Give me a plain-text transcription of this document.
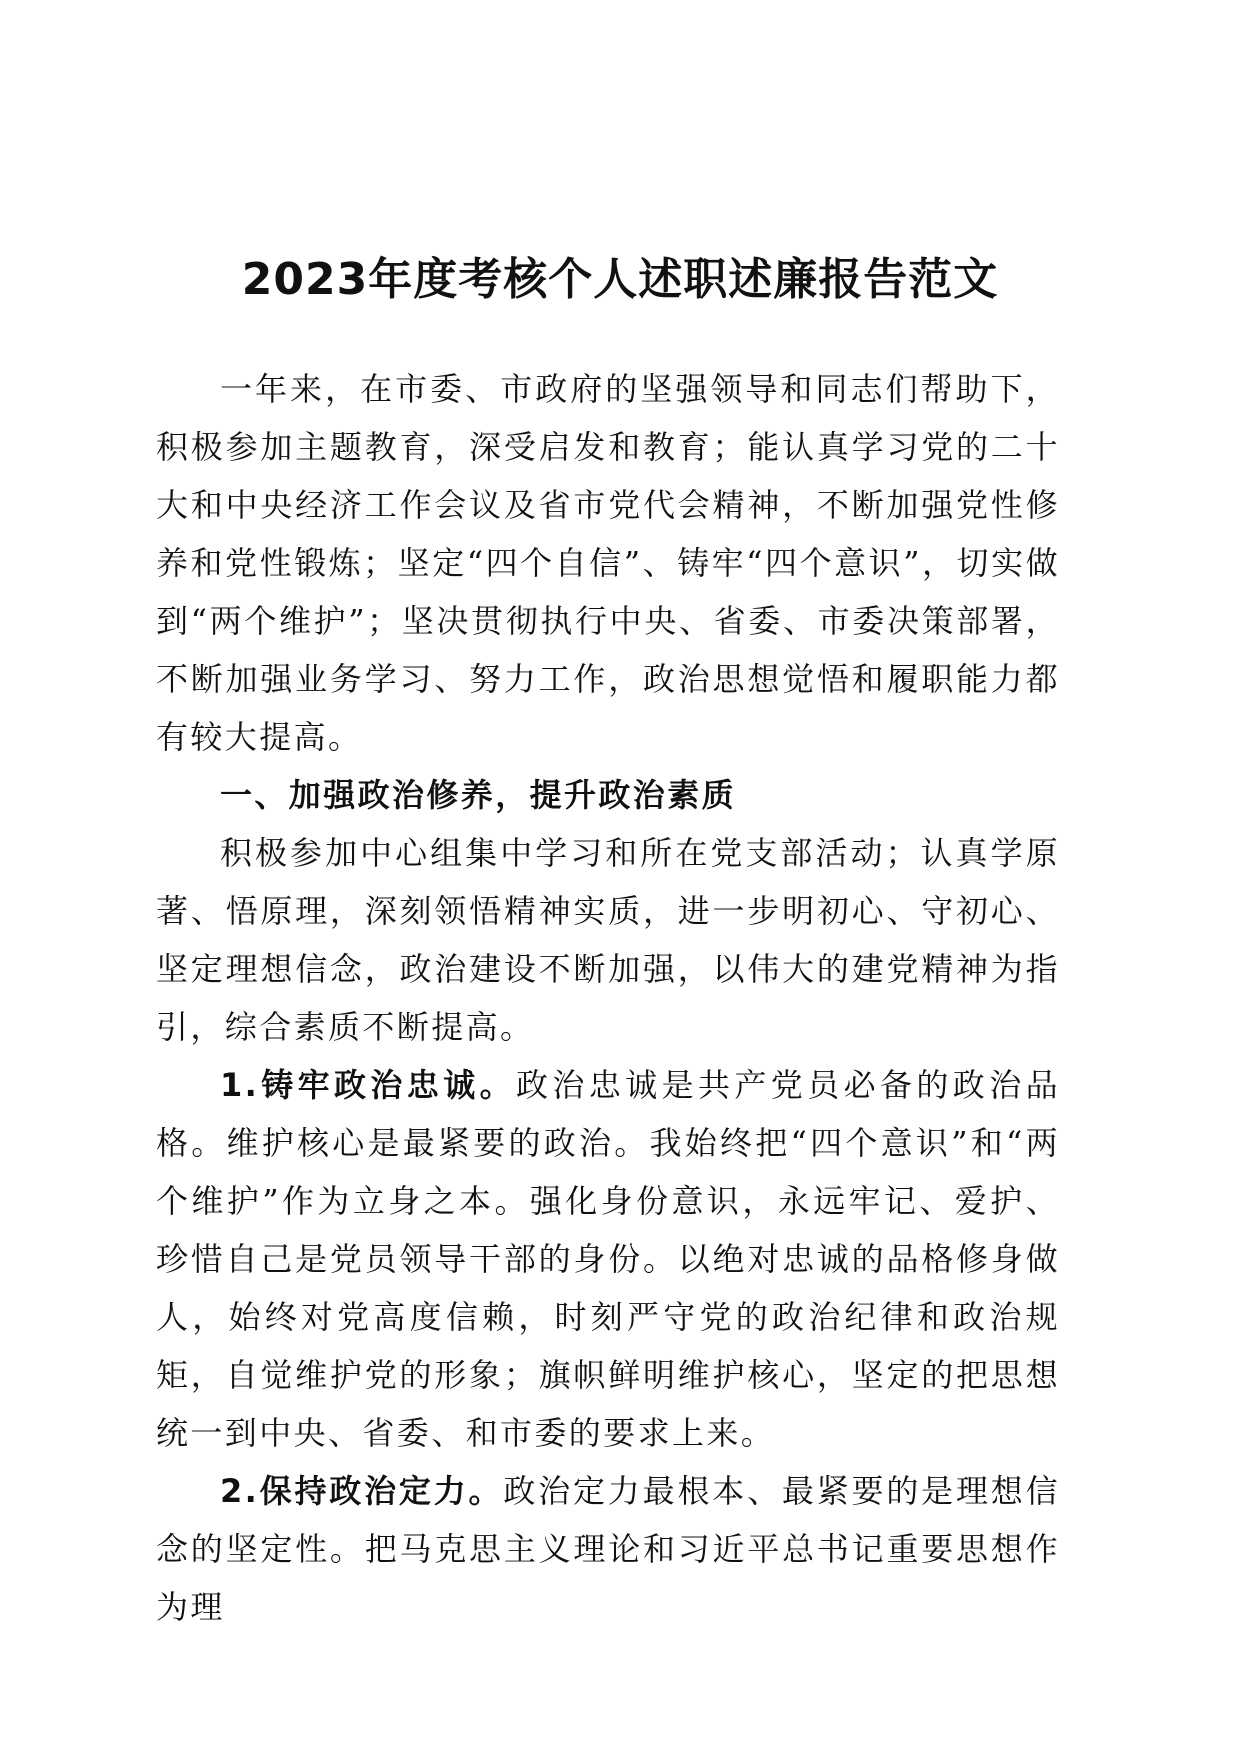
2023年度考核个人述职述廉报告范文

一年来，在市委、市政府的坚强领导和同志们帮助下，积极参加主题教育，深受启发和教育；能认真学习党的二十大和中央经济工作会议及省市党代会精神，不断加强党性修养和党性锻炼；坚定“四个自信”、铸牢“四个意识”，切实做到“两个维护”；坚决贯彻执行中央、省委、市委决策部署，不断加强业务学习、努力工作，政治思想觉悟和履职能力都有较大提高。

一、加强政治修养，提升政治素质

积极参加中心组集中学习和所在党支部活动；认真学原著、悟原理，深刻领悟精神实质，进一步明初心、守初心、坚定理想信念，政治建设不断加强，以伟大的建党精神为指引，综合素质不断提高。

1.铸牢政治忠诚。政治忠诚是共产党员必备的政治品格。维护核心是最紧要的政治。我始终把“四个意识”和“两个维护”作为立身之本。强化身份意识，永远牢记、爱护、珍惜自己是党员领导干部的身份。以绝对忠诚的品格修身做人，始终对党高度信赖，时刻严守党的政治纪律和政治规矩，自觉维护党的形象；旗帜鲜明维护核心，坚定的把思想统一到中央、省委、和市委的要求上来。

2.保持政治定力。政治定力最根本、最紧要的是理想信念的坚定性。把马克思主义理论和习近平总书记重要思想作为理
